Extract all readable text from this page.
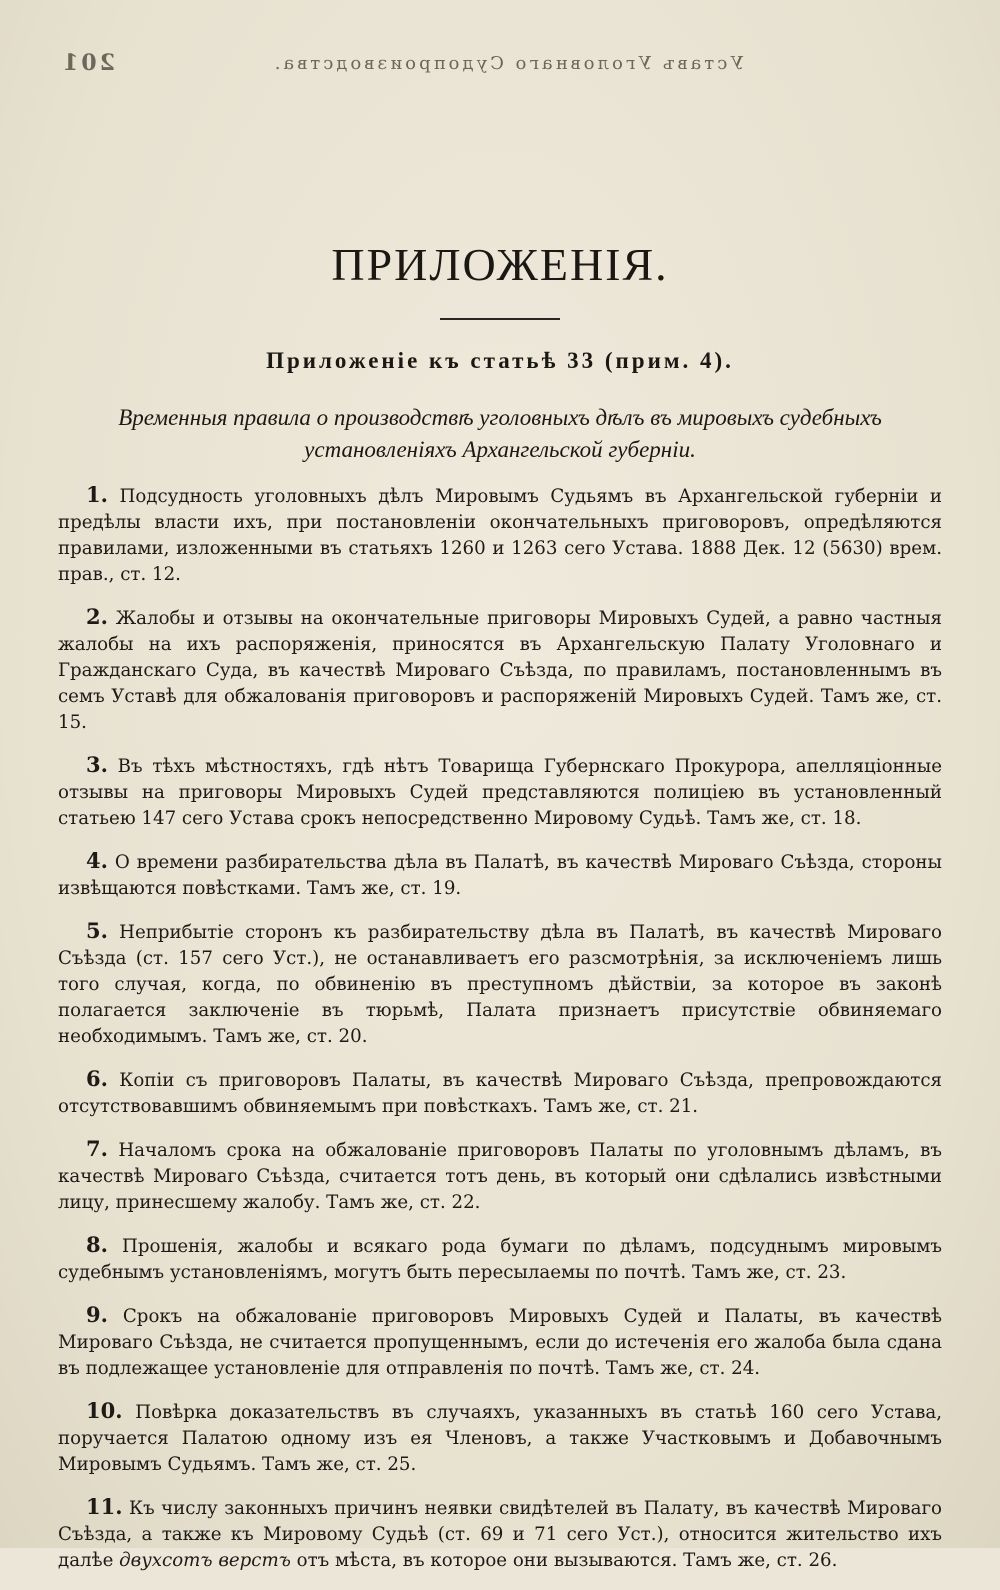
201	Уставъ Уголовнаго Судопроизводства.
ПРИЛОЖЕНІЯ.
Приложеніе къ статьѣ 33 (прим. 4).
Временныя правила о производствѣ уголовныхъ дѣлъ въ мировыхъ судебныхъ установленіяхъ Архангельской губерніи.

1. Подсудность уголовныхъ дѣлъ Мировымъ Судьямъ въ Архангельской губерніи и предѣлы власти ихъ, при постановленіи окончательныхъ приговоровъ, опредѣляются правилами, изложенными въ статьяхъ 1260 и 1263 сего Устава. 1888 Дек. 12 (5630) врем. прав., ст. 12.

2. Жалобы и отзывы на окончательные приговоры Мировыхъ Судей, а равно частныя жалобы на ихъ распоряженія, приносятся въ Архангельскую Палату Уголовнаго и Гражданскаго Суда, въ качествѣ Мироваго Съѣзда, по правиламъ, постановленнымъ въ семъ Уставѣ для обжалованія приговоровъ и распоряженій Мировыхъ Судей. Тамъ же, ст. 15.

3. Въ тѣхъ мѣстностяхъ, гдѣ нѣтъ Товарища Губернскаго Прокурора, апелляціонные отзывы на приговоры Мировыхъ Судей представляются полиціею въ установленный статьею 147 сего Устава срокъ непосредственно Мировому Судьѣ. Тамъ же, ст. 18.

4. О времени разбирательства дѣла въ Палатѣ, въ качествѣ Мироваго Съѣзда, стороны извѣщаются повѣстками. Тамъ же, ст. 19.

5. Неприбытіе сторонъ къ разбирательству дѣла въ Палатѣ, въ качествѣ Мироваго Съѣзда (ст. 157 сего Уст.), не останавливаетъ его разсмотрѣнія, за исключеніемъ лишь того случая, когда, по обвиненію въ преступномъ дѣйствіи, за которое въ законѣ полагается заключеніе въ тюрьмѣ, Палата признаетъ присутствіе обвиняемаго необходимымъ. Тамъ же, ст. 20.

6. Копіи съ приговоровъ Палаты, въ качествѣ Мироваго Съѣзда, препровождаются отсутствовавшимъ обвиняемымъ при повѣсткахъ. Тамъ же, ст. 21.

7. Началомъ срока на обжалованіе приговоровъ Палаты по уголовнымъ дѣламъ, въ качествѣ Мироваго Съѣзда, считается тотъ день, въ который они сдѣлались извѣстными лицу, принесшему жалобу. Тамъ же, ст. 22.

8. Прошенія, жалобы и всякаго рода бумаги по дѣламъ, подсуднымъ мировымъ судебнымъ установленіямъ, могутъ быть пересылаемы по почтѣ. Тамъ же, ст. 23.

9. Срокъ на обжалованіе приговоровъ Мировыхъ Судей и Палаты, въ качествѣ Мироваго Съѣзда, не считается пропущеннымъ, если до истеченія его жалоба была сдана въ подлежащее установленіе для отправленія по почтѣ. Тамъ же, ст. 24.

10. Повѣрка доказательствъ въ случаяхъ, указанныхъ въ статьѣ 160 сего Устава, поручается Палатою одному изъ ея Членовъ, а также Участковымъ и Добавочнымъ Мировымъ Судьямъ. Тамъ же, ст. 25.

11. Къ числу законныхъ причинъ неявки свидѣтелей въ Палату, въ качествѣ Мироваго Съѣзда, а также къ Мировому Судьѣ (ст. 69 и 71 сего Уст.), относится жительство ихъ далѣе двухсотъ верстъ отъ мѣста, въ которое они вызываются. Тамъ же, ст. 26.
